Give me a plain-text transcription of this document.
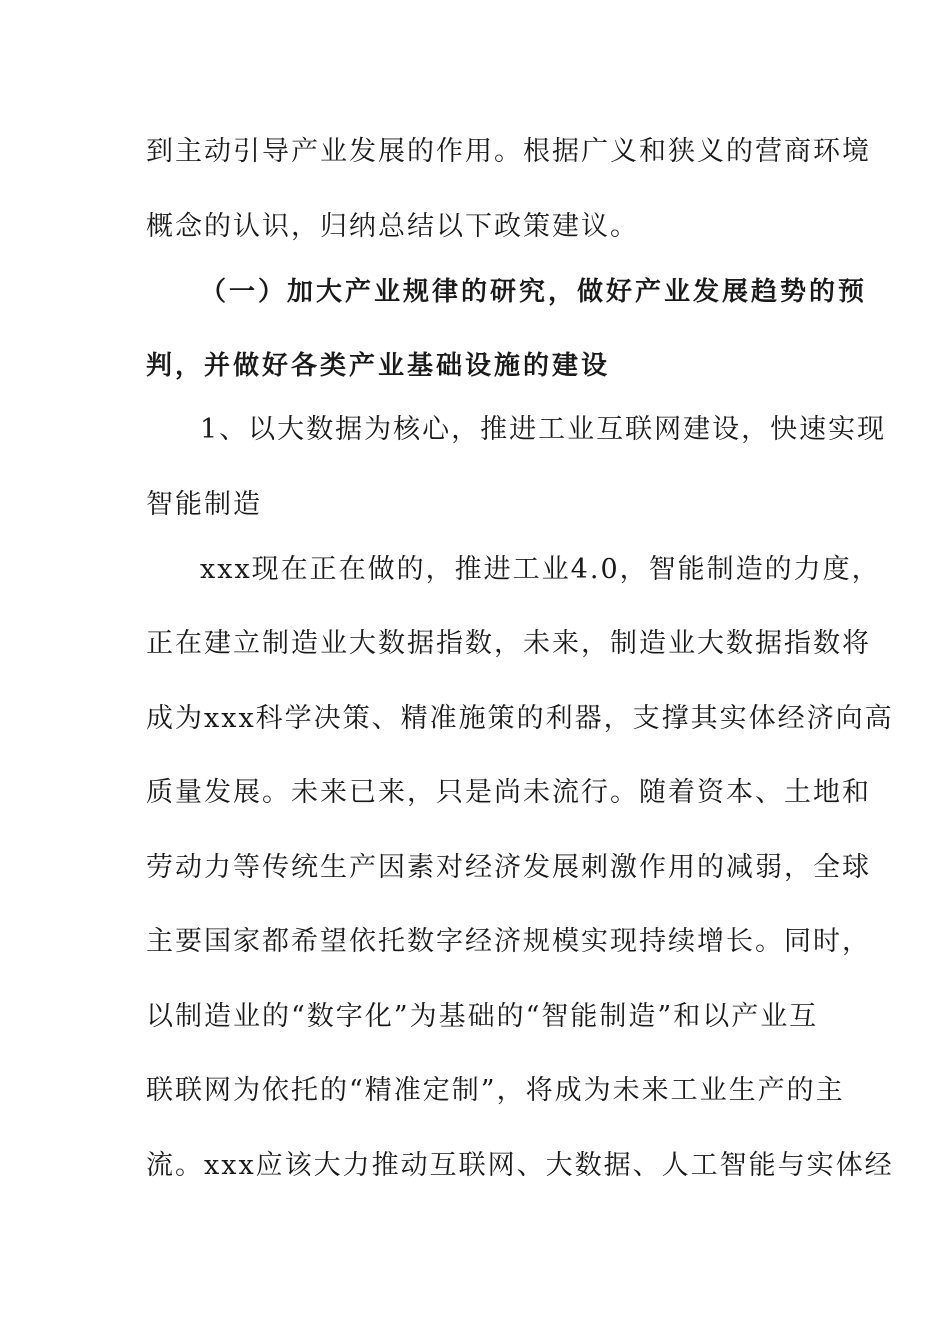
到主动引导产业发展的作用。根据广义和狭义的营商环境
概念的认识，归纳总结以下政策建议。
（一）加大产业规律的研究，做好产业发展趋势的预
判，并做好各类产业基础设施的建设
1、以大数据为核心，推进工业互联网建设，快速实现
智能制造
xxx现在正在做的，推进工业4.0，智能制造的力度，
正在建立制造业大数据指数，未来，制造业大数据指数将
成为xxx科学决策、精准施策的利器，支撑其实体经济向高
质量发展。未来已来，只是尚未流行。随着资本、土地和
劳动力等传统生产因素对经济发展刺激作用的减弱，全球
主要国家都希望依托数字经济规模实现持续增长。同时，
以制造业的“数字化”为基础的“智能制造”和以产业互
联联网为依托的“精准定制”，将成为未来工业生产的主
流。xxx应该大力推动互联网、大数据、人工智能与实体经
